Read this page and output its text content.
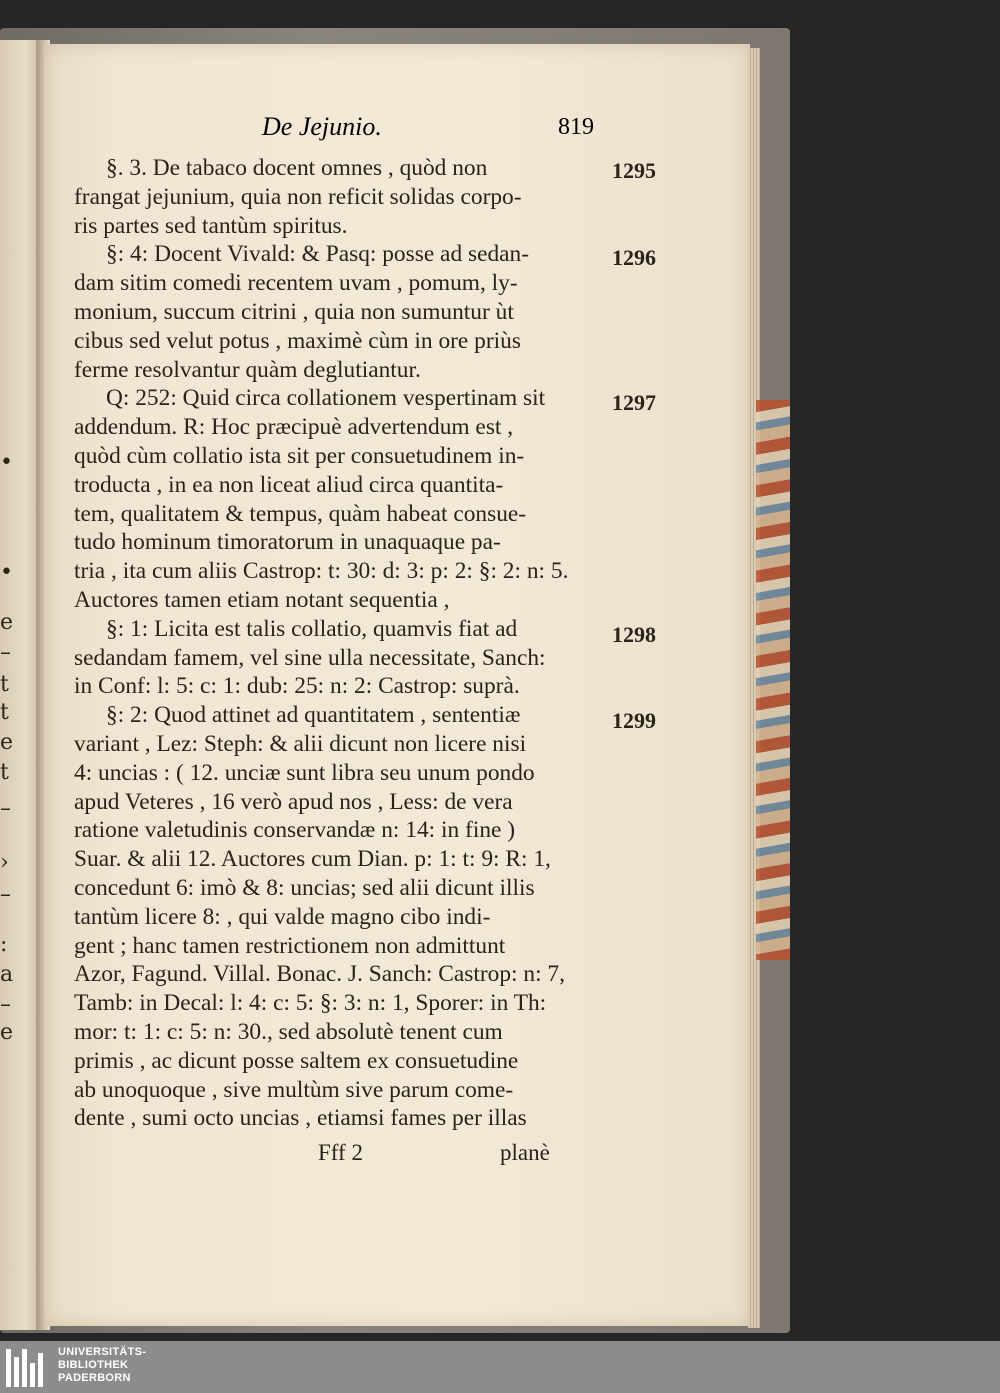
•
•
e
–
t
t
e
t
–
›
–
:
a
–
e
De Jejunio.	819
§. 3. De tabaco docent omnes , quòd non
frangat jejunium, quia non reficit solidas corpo-
ris partes sed tantùm spiritus.
§: 4: Docent Vivald: & Pasq: posse ad sedan-
dam sitim comedi recentem uvam , pomum, ly-
monium, succum citrini , quia non sumuntur ùt
cibus sed velut potus , maximè cùm in ore priùs
ferme resolvantur quàm deglutiantur.
Q: 252: Quid circa collationem vespertinam sit
addendum. R: Hoc præcipuè advertendum est ,
quòd cùm collatio ista sit per consuetudinem in-
troducta , in ea non liceat aliud circa quantita-
tem, qualitatem & tempus, quàm habeat consue-
tudo hominum timoratorum in unaquaque pa-
tria , ita cum aliis Castrop: t: 30: d: 3: p: 2: §: 2: n: 5.
Auctores tamen etiam notant sequentia ,
§: 1: Licita est talis collatio, quamvis fiat ad
sedandam famem, vel sine ulla necessitate, Sanch:
in Conf: l: 5: c: 1: dub: 25: n: 2: Castrop: suprà.
§: 2: Quod attinet ad quantitatem , sententiæ
variant , Lez: Steph: & alii dicunt non licere nisi
4: uncias : ( 12. unciæ sunt libra seu unum pondo
apud Veteres , 16 verò apud nos , Less: de vera
ratione valetudinis conservandæ n: 14: in fine )
Suar. & alii 12. Auctores cum Dian. p: 1: t: 9: R: 1,
concedunt 6: imò & 8: uncias; sed alii dicunt illis
tantùm licere 8: , qui valde magno cibo indi-
gent ; hanc tamen restrictionem non admittunt
Azor, Fagund. Villal. Bonac. J. Sanch: Castrop: n: 7,
Tamb: in Decal: l: 4: c: 5: §: 3: n: 1, Sporer: in Th:
mor: t: 1: c: 5: n: 30., sed absolutè tenent cum
primis , ac dicunt posse saltem ex consuetudine
ab unoquoque , sive multùm sive parum come-
dente , sumi octo uncias , etiamsi fames per illas
1295
1296
1297
1298
1299
Fff 2	planè
UNIVERSITÄTS-
BIBLIOTHEK
PADERBORN
